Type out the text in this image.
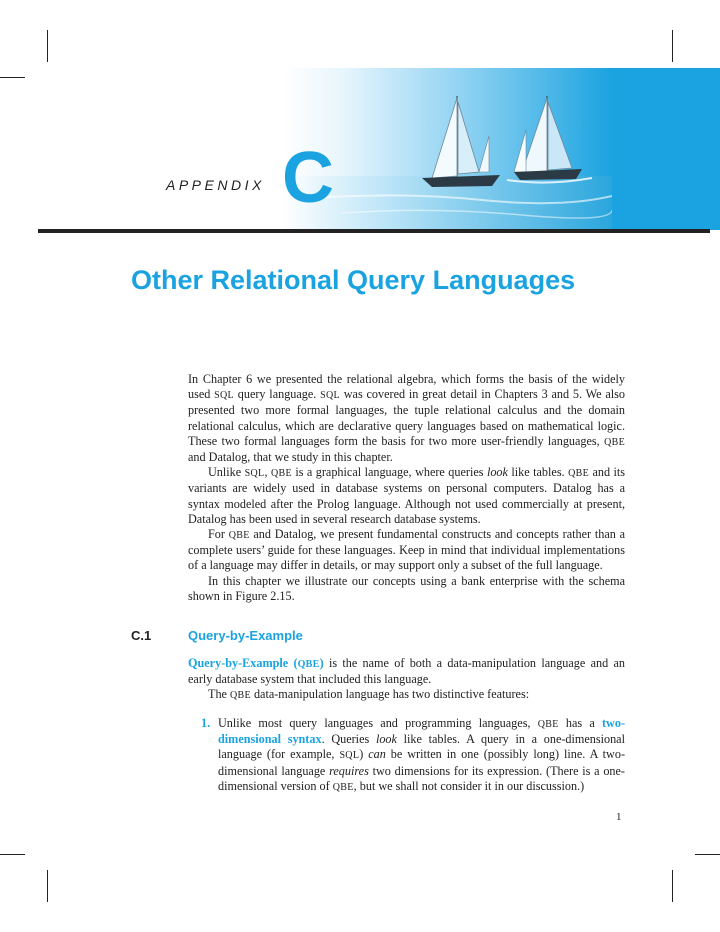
APPENDIX C
Other Relational Query Languages

In Chapter 6 we presented the relational algebra, which forms the basis of the widely used SQL query language. SQL was covered in great detail in Chapters 3 and 5. We also presented two more formal languages, the tuple relational calculus and the domain relational calculus, which are declarative query languages based on mathematical logic. These two formal languages form the basis for two more user-friendly languages, QBE and Datalog, that we study in this chapter.

Unlike SQL, QBE is a graphical language, where queries look like tables. QBE and its variants are widely used in database systems on personal computers. Datalog has a syntax modeled after the Prolog language. Although not used commercially at present, Datalog has been used in several research database systems.

For QBE and Datalog, we present fundamental constructs and concepts rather than a complete users’ guide for these languages. Keep in mind that individual implementations of a language may differ in details, or may support only a subset of the full language.

In this chapter we illustrate our concepts using a bank enterprise with the schema shown in Figure 2.15.

C.1	Query-by-Example

Query-by-Example (QBE) is the name of both a data-manipulation language and an early database system that included this language.

The QBE data-manipulation language has two distinctive features:

1. Unlike most query languages and programming languages, QBE has a two-dimensional syntax. Queries look like tables. A query in a one-dimensional language (for example, SQL) can be written in one (possibly long) line. A two-dimensional language requires two dimensions for its expression. (There is a one-dimensional version of QBE, but we shall not consider it in our discussion.)
1
